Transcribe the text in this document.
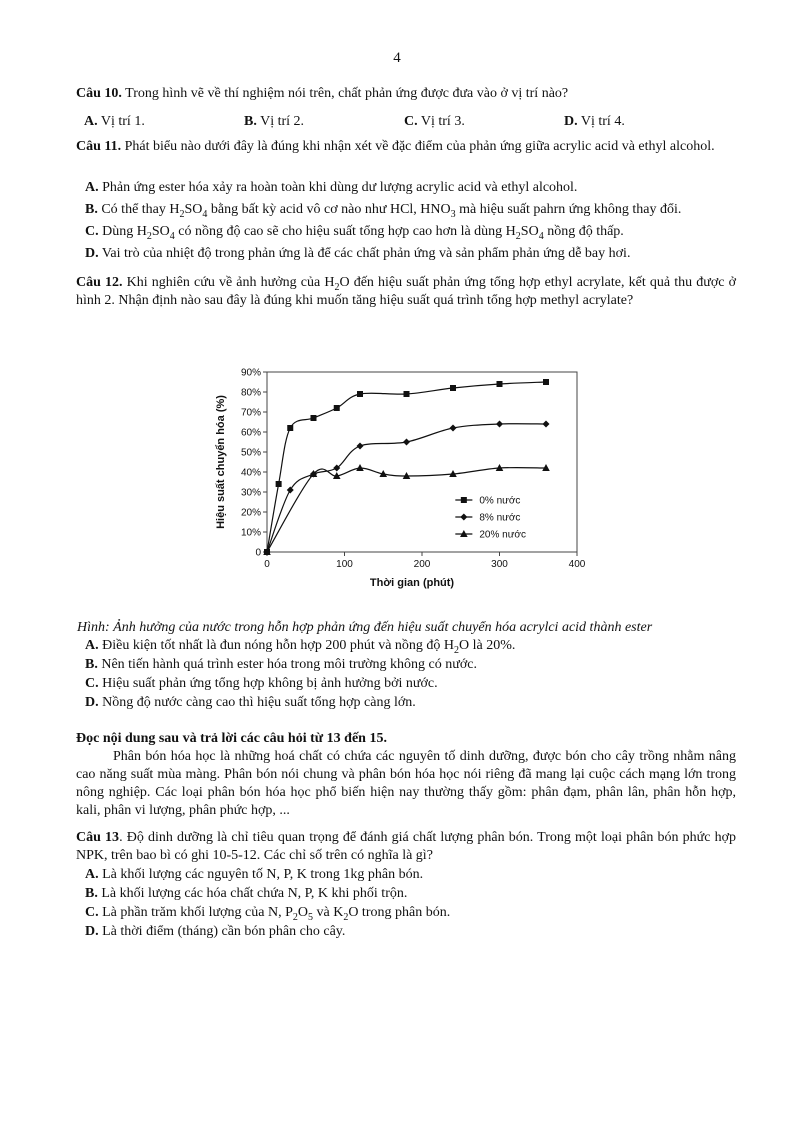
4
Câu 10. Trong hình vẽ về thí nghiệm nói trên, chất phản ứng được đưa vào ở vị trí nào?
A. Vị trí 1.	B. Vị trí 2.	C. Vị trí 3.	D. Vị trí 4.
Câu 11. Phát biểu nào dưới đây là đúng khi nhận xét về đặc điểm của phản ứng giữa acrylic acid và ethyl alcohol.
A. Phản ứng ester hóa xảy ra hoàn toàn khi dùng dư lượng acrylic acid và ethyl alcohol.
B. Có thể thay $H_2SO_4$ bằng bất kỳ acid vô cơ nào như HCl, $HNO_3$ mà hiệu suất pahrn ứng không thay đổi.
C. Dùng $H_2SO_4$ có nồng độ cao sẽ cho hiệu suất tổng hợp cao hơn là dùng $H_2SO_4$ nồng độ thấp.
D. Vai trò của nhiệt độ trong phản ứng là để các chất phản ứng và sản phẩm phản ứng dễ bay hơi.
Câu 12. Khi nghiên cứu về ảnh hưởng của $H_2O$ đến hiệu suất phản ứng tổng hợp ethyl acrylate, kết quả thu được ở hình 2. Nhận định nào sau đây là đúng khi muốn tăng hiệu suất quá trình tổng hợp methyl acrylate?
0
10%
20%
30%
40%
50%
60%
70%
80%
90%
0	100	200	300	400
Thời gian (phút)
Hiệu suất chuyển hóa (%)	0% nước
8% nước
20% nước
Hình: Ảnh hưởng của nước trong hỗn hợp phản ứng đến hiệu suất chuyển hóa acrylci acid thành ester
A. Điều kiện tốt nhất là đun nóng hỗn hợp 200 phút và nồng độ $H_2O$ là 20%.
B. Nên tiến hành quá trình ester hóa trong môi trường không có nước.
C. Hiệu suất phản ứng tổng hợp không bị ảnh hưởng bởi nước.
D. Nồng độ nước càng cao thì hiệu suất tổng hợp càng lớn.
Đọc nội dung sau và trả lời các câu hỏi từ 13 đến 15.
Phân bón hóa học là những hoá chất có chứa các nguyên tố dinh dưỡng, được bón cho cây trồng nhằm nâng cao năng suất mùa màng. Phân bón nói chung và phân bón hóa học nói riêng đã mang lại cuộc cách mạng lớn trong nông nghiệp. Các loại phân bón hóa học phổ biến hiện nay thường thấy gồm: phân đạm, phân lân, phân hỗn hợp, kali, phân vi lượng, phân phức hợp, ...
Câu 13. Độ dinh dưỡng là chỉ tiêu quan trọng để đánh giá chất lượng phân bón. Trong một loại phân bón phức hợp NPK, trên bao bì có ghi 10-5-12. Các chỉ số trên có nghĩa là gì?
A. Là khối lượng các nguyên tố N, P, K trong 1kg phân bón.
B. Là khối lượng các hóa chất chứa N, P, K khi phối trộn.
C. Là phần trăm khối lượng của N, $P_2O_5$ và $K_2O$ trong phân bón.
D. Là thời điểm (tháng) cần bón phân cho cây.
